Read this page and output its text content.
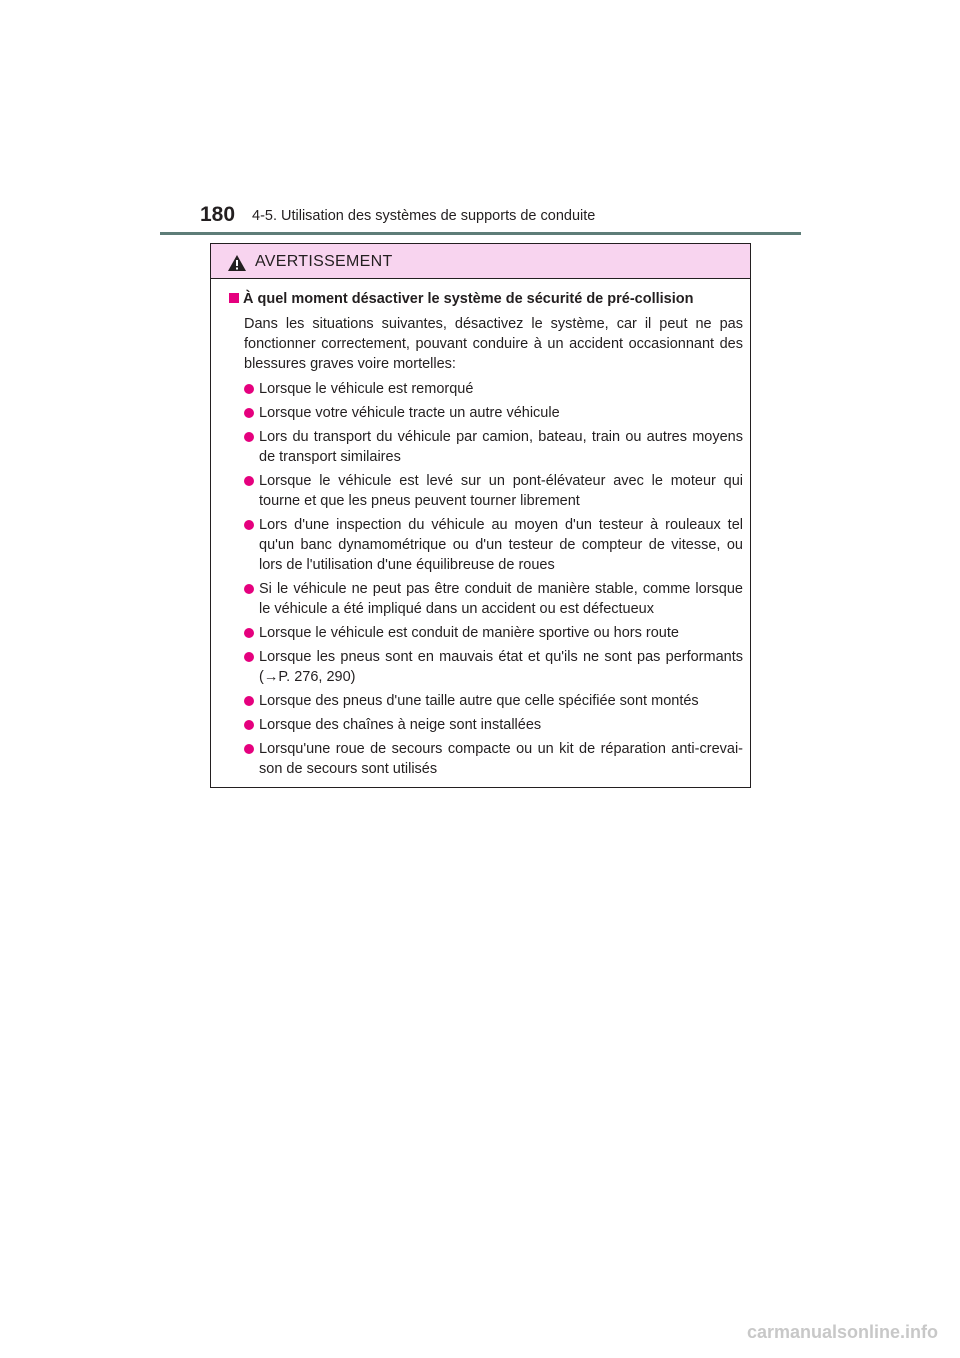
180 4-5. Utilisation des systèmes de supports de conduite
AVERTISSEMENT
À quel moment désactiver le système de sécurité de pré-collision

Dans les situations suivantes, désactivez le système, car il peut ne pas fonctionner correctement, pouvant conduire à un accident occasionnant des blessures graves voire mortelles:

Lorsque le véhicule est remorqué
Lorsque votre véhicule tracte un autre véhicule
Lors du transport du véhicule par camion, bateau, train ou autres moyens de transport similaires
Lorsque le véhicule est levé sur un pont-élévateur avec le moteur qui tourne et que les pneus peuvent tourner librement
Lors d'une inspection du véhicule au moyen d'un testeur à rouleaux tel qu'un banc dynamométrique ou d'un testeur de compteur de vitesse, ou lors de l'utilisation d'une équilibreuse de roues
Si le véhicule ne peut pas être conduit de manière stable, comme lorsque le véhicule a été impliqué dans un accident ou est défectueux
Lorsque le véhicule est conduit de manière sportive ou hors route
Lorsque les pneus sont en mauvais état et qu'ils ne sont pas performants (→P. 276, 290)
Lorsque des pneus d'une taille autre que celle spécifiée sont montés
Lorsque des chaînes à neige sont installées
Lorsqu'une roue de secours compacte ou un kit de réparation anti-crevai-son de secours sont utilisés
carmanualsonline.info
